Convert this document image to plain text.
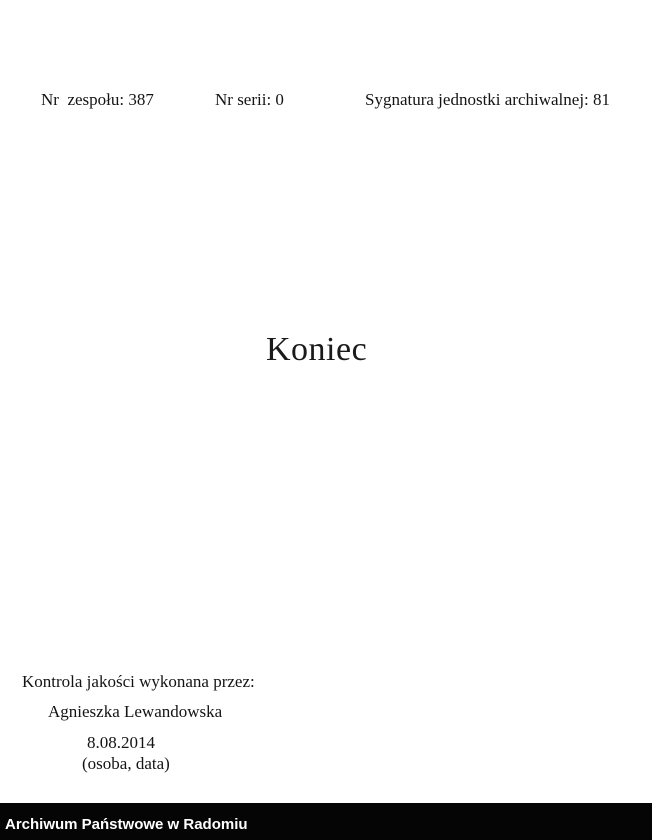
Nr  zespołu: 387	Nr serii: 0	Sygnatura jednostki archiwalnej: 81
Koniec
Kontrola jakości wykonana przez:
Agnieszka Lewandowska
8.08.2014
(osoba, data)
Archiwum Państwowe w Radomiu
